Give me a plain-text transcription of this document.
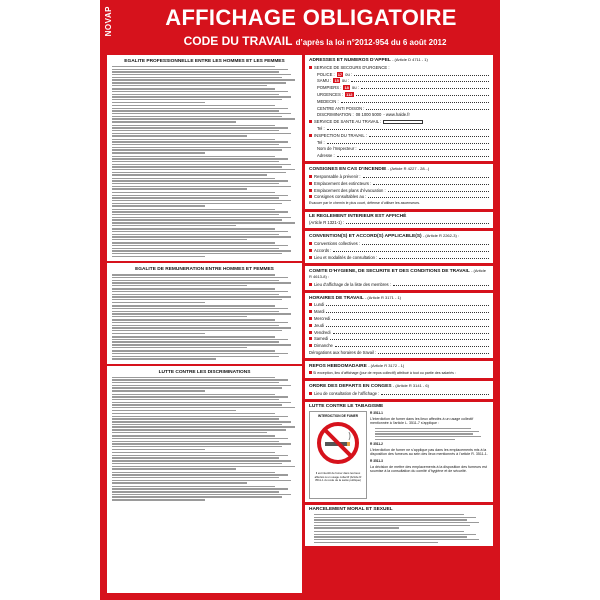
NOVAP	AFFICHAGE OBLIGATOIRE
CODE DU TRAVAIL d’après la loi n°2012-954 du 6 août 2012
EGALITE PROFESSIONNELLE ENTRE LES HOMMES ET LES FEMMES
EGALITE DE REMUNERATION ENTRE HOMMES ET FEMMES
LUTTE CONTRE LES DISCRIMINATIONS
ADRESSES ET NUMEROS D’APPEL - (Article D 4711 - 1)
SERVICE DE SECOURS D’URGENCE :
POLICE : 17 ou :
SAMU : 15 ou :
POMPIERS : 18 ou :
URGENCES : 112
MEDECIN :
CENTRE ANTI POISON :
DISCRIMINATION : 08 1000 5000 - www.halde.fr
SERVICE DE SANTE AU TRAVAIL :
Tel :
INSPECTION DU TRAVAIL :
Tel :
Nom de l’Inspecteur :
Adresse :
CONSIGNES EN CAS D’INCENDIE - (Article R 4227 - 28...)
Responsable à prévenir :
Emplacement des extincteurs :
Emplacement des plans d’évacuation :
Consignes consultables au :
Evacuer par le chemin le plus court, défense d’utiliser les ascenseurs.
LE REGLEMENT INTERIEUR EST AFFICHÉ
(Article R 1321-1) :
CONVENTION(S) ET ACCORD(S) APPLICABLE(S) - (Article R 2262-3) :
Conventions collectives :
Accords :
Lieu et modalités de consultation :
COMITE D’HYGIENE, DE SECURITE ET DES CONDITIONS DE TRAVAIL - (Article R 4613-8) :
Lieu d’affichage de la liste des membres :
HORAIRES DE TRAVAIL - (Article R 3171 - 1)
Lundi
Mardi
Mercredi
Jeudi
Vendredi
Samedi
Dimanche
Dérogations aux horaires de travail :
REPOS HEBDOMADAIRE - (Article R 3172 - 1)
Si exception, lieu d’affichage (jour de repos collectif) attribué à tout ou partie des salariés :
ORDRE DES DEPARTS EN CONGES - (Article R 3141 - 6)
Lieu de consultation de l’affichage :
LUTTE CONTRE LE TABAGISME
INTERDICTION DE FUMER
Il est interdit de fumer dans les lieux affectés à un usage collectif (Article R 3511-1 du code de la santé publique)
R 3511-1
L’interdiction de fumer dans les lieux affectés à un usage collectif mentionnée à l’article L. 3511-7 s’applique :
R 3511-2
L’interdiction de fumer ne s’applique pas dans les emplacements mis à la disposition des fumeurs au sein des lieux mentionnés à l’article R. 3511-1.
R 3511-3
La décision de mettre des emplacements à la disposition des fumeurs est soumise à la consultation du comité d’hygiène et de sécurité.
HARCELEMENT MORAL ET SEXUEL
